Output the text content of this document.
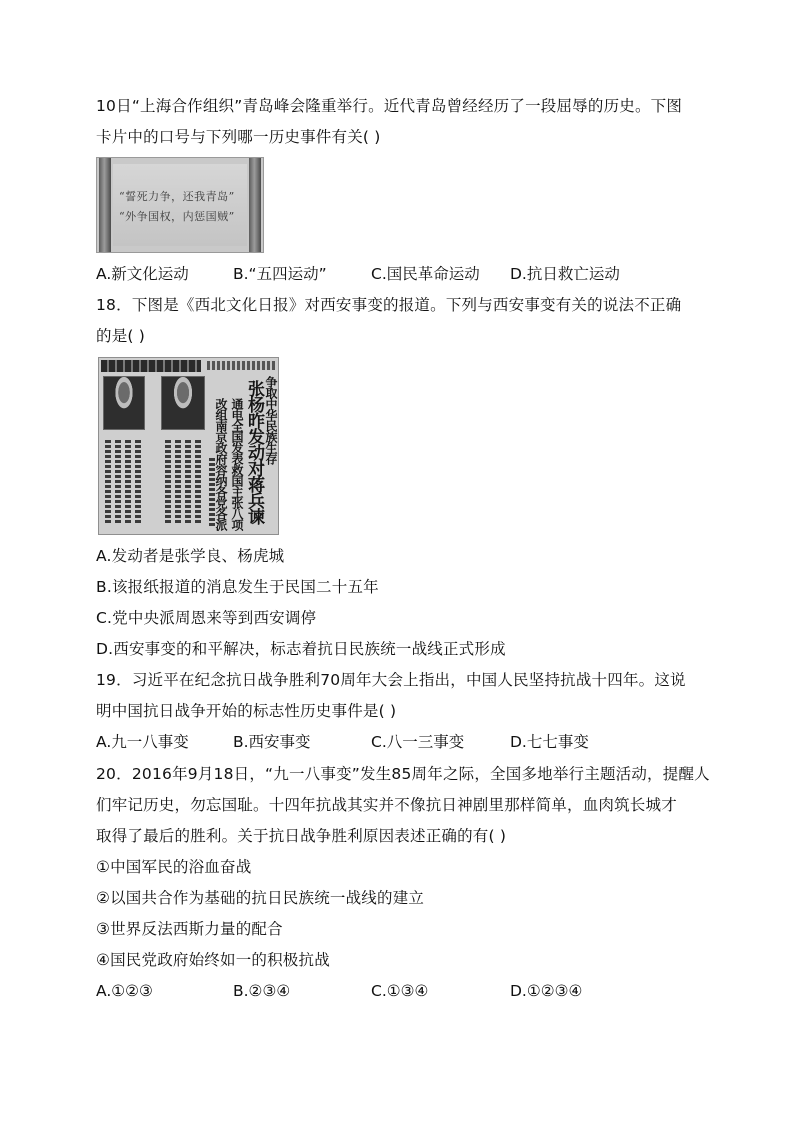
10日“上海合作组织”青岛峰会隆重举行。近代青岛曾经经历了一段屈辱的历史。下图
卡片中的口号与下列哪一历史事件有关( )
“誓死力争，还我青岛”
“外争国权，内惩国贼”
A.新文化运动	B.“五四运动”	C.国民革命运动 D.抗日救亡运动
18．下图是《西北文化日报》对西安事变的报道。下列与西安事变有关的说法不正确
的是( )
争取中华民族生存
张杨昨发动对蒋兵谏
通电全国发表救国主张八项
改组南京政府容纳各党各派
A.发动者是张学良、杨虎城
B.该报纸报道的消息发生于民国二十五年
C.党中央派周恩来等到西安调停
D.西安事变的和平解决，标志着抗日民族统一战线正式形成
19．习近平在纪念抗日战争胜利70周年大会上指出，中国人民坚持抗战十四年。这说
明中国抗日战争开始的标志性历史事件是( )
A.九一八事变	B.西安事变	C.八一三事变	D.七七事变
20．2016年9月18日，“九一八事变”发生85周年之际，全国多地举行主题活动，提醒人
们牢记历史，勿忘国耻。十四年抗战其实并不像抗日神剧里那样简单，血肉筑长城才
取得了最后的胜利。关于抗日战争胜利原因表述正确的有( )
①中国军民的浴血奋战
②以国共合作为基础的抗日民族统一战线的建立
③世界反法西斯力量的配合
④国民党政府始终如一的积极抗战
A.①②③	B.②③④	C.①③④	D.①②③④
